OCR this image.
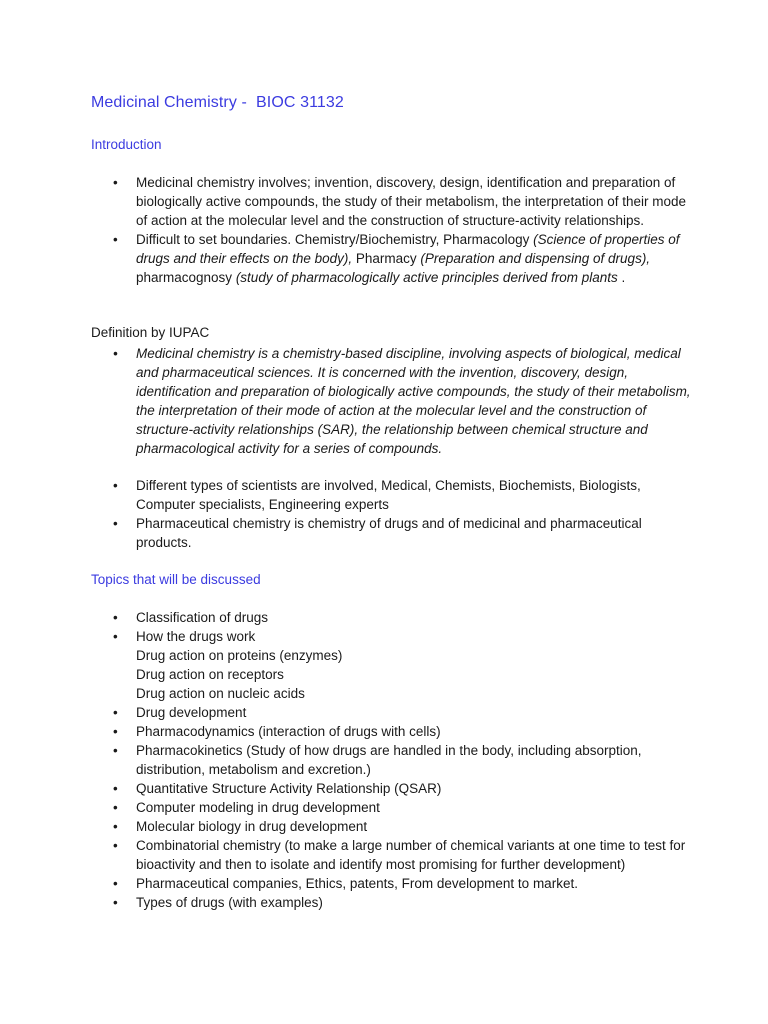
Medicinal Chemistry -  BIOC 31132
Introduction
• Medicinal chemistry involves; invention, discovery, design, identification and preparation of biologically active compounds, the study of their metabolism, the interpretation of their mode of action at the molecular level and the construction of structure-activity relationships.
• Difficult to set boundaries. Chemistry/Biochemistry, Pharmacology (Science of properties of drugs and their effects on the body), Pharmacy (Preparation and dispensing of drugs), pharmacognosy (study of pharmacologically active principles derived from plants .
Definition by IUPAC
• Medicinal chemistry is a chemistry-based discipline, involving aspects of biological, medical and pharmaceutical sciences. It is concerned with the invention, discovery, design, identification and preparation of biologically active compounds, the study of their metabolism, the interpretation of their mode of action at the molecular level and the construction of structure-activity relationships (SAR), the relationship between chemical structure and pharmacological activity for a series of compounds.
• Different types of scientists are involved, Medical, Chemists, Biochemists, Biologists, Computer specialists, Engineering experts
• Pharmaceutical chemistry is chemistry of drugs and of medicinal and pharmaceutical products.
Topics that will be discussed
• Classification of drugs
• How the drugs work
Drug action on proteins (enzymes)
Drug action on receptors
Drug action on nucleic acids
• Drug development
• Pharmacodynamics (interaction of drugs with cells)
• Pharmacokinetics (Study of how drugs are handled in the body, including absorption, distribution, metabolism and excretion.)
• Quantitative Structure Activity Relationship (QSAR)
• Computer modeling in drug development
• Molecular biology in drug development
• Combinatorial chemistry (to make a large number of chemical variants at one time to test for bioactivity and then to isolate and identify most promising for further development)
• Pharmaceutical companies, Ethics, patents, From development to market.
• Types of drugs (with examples)
